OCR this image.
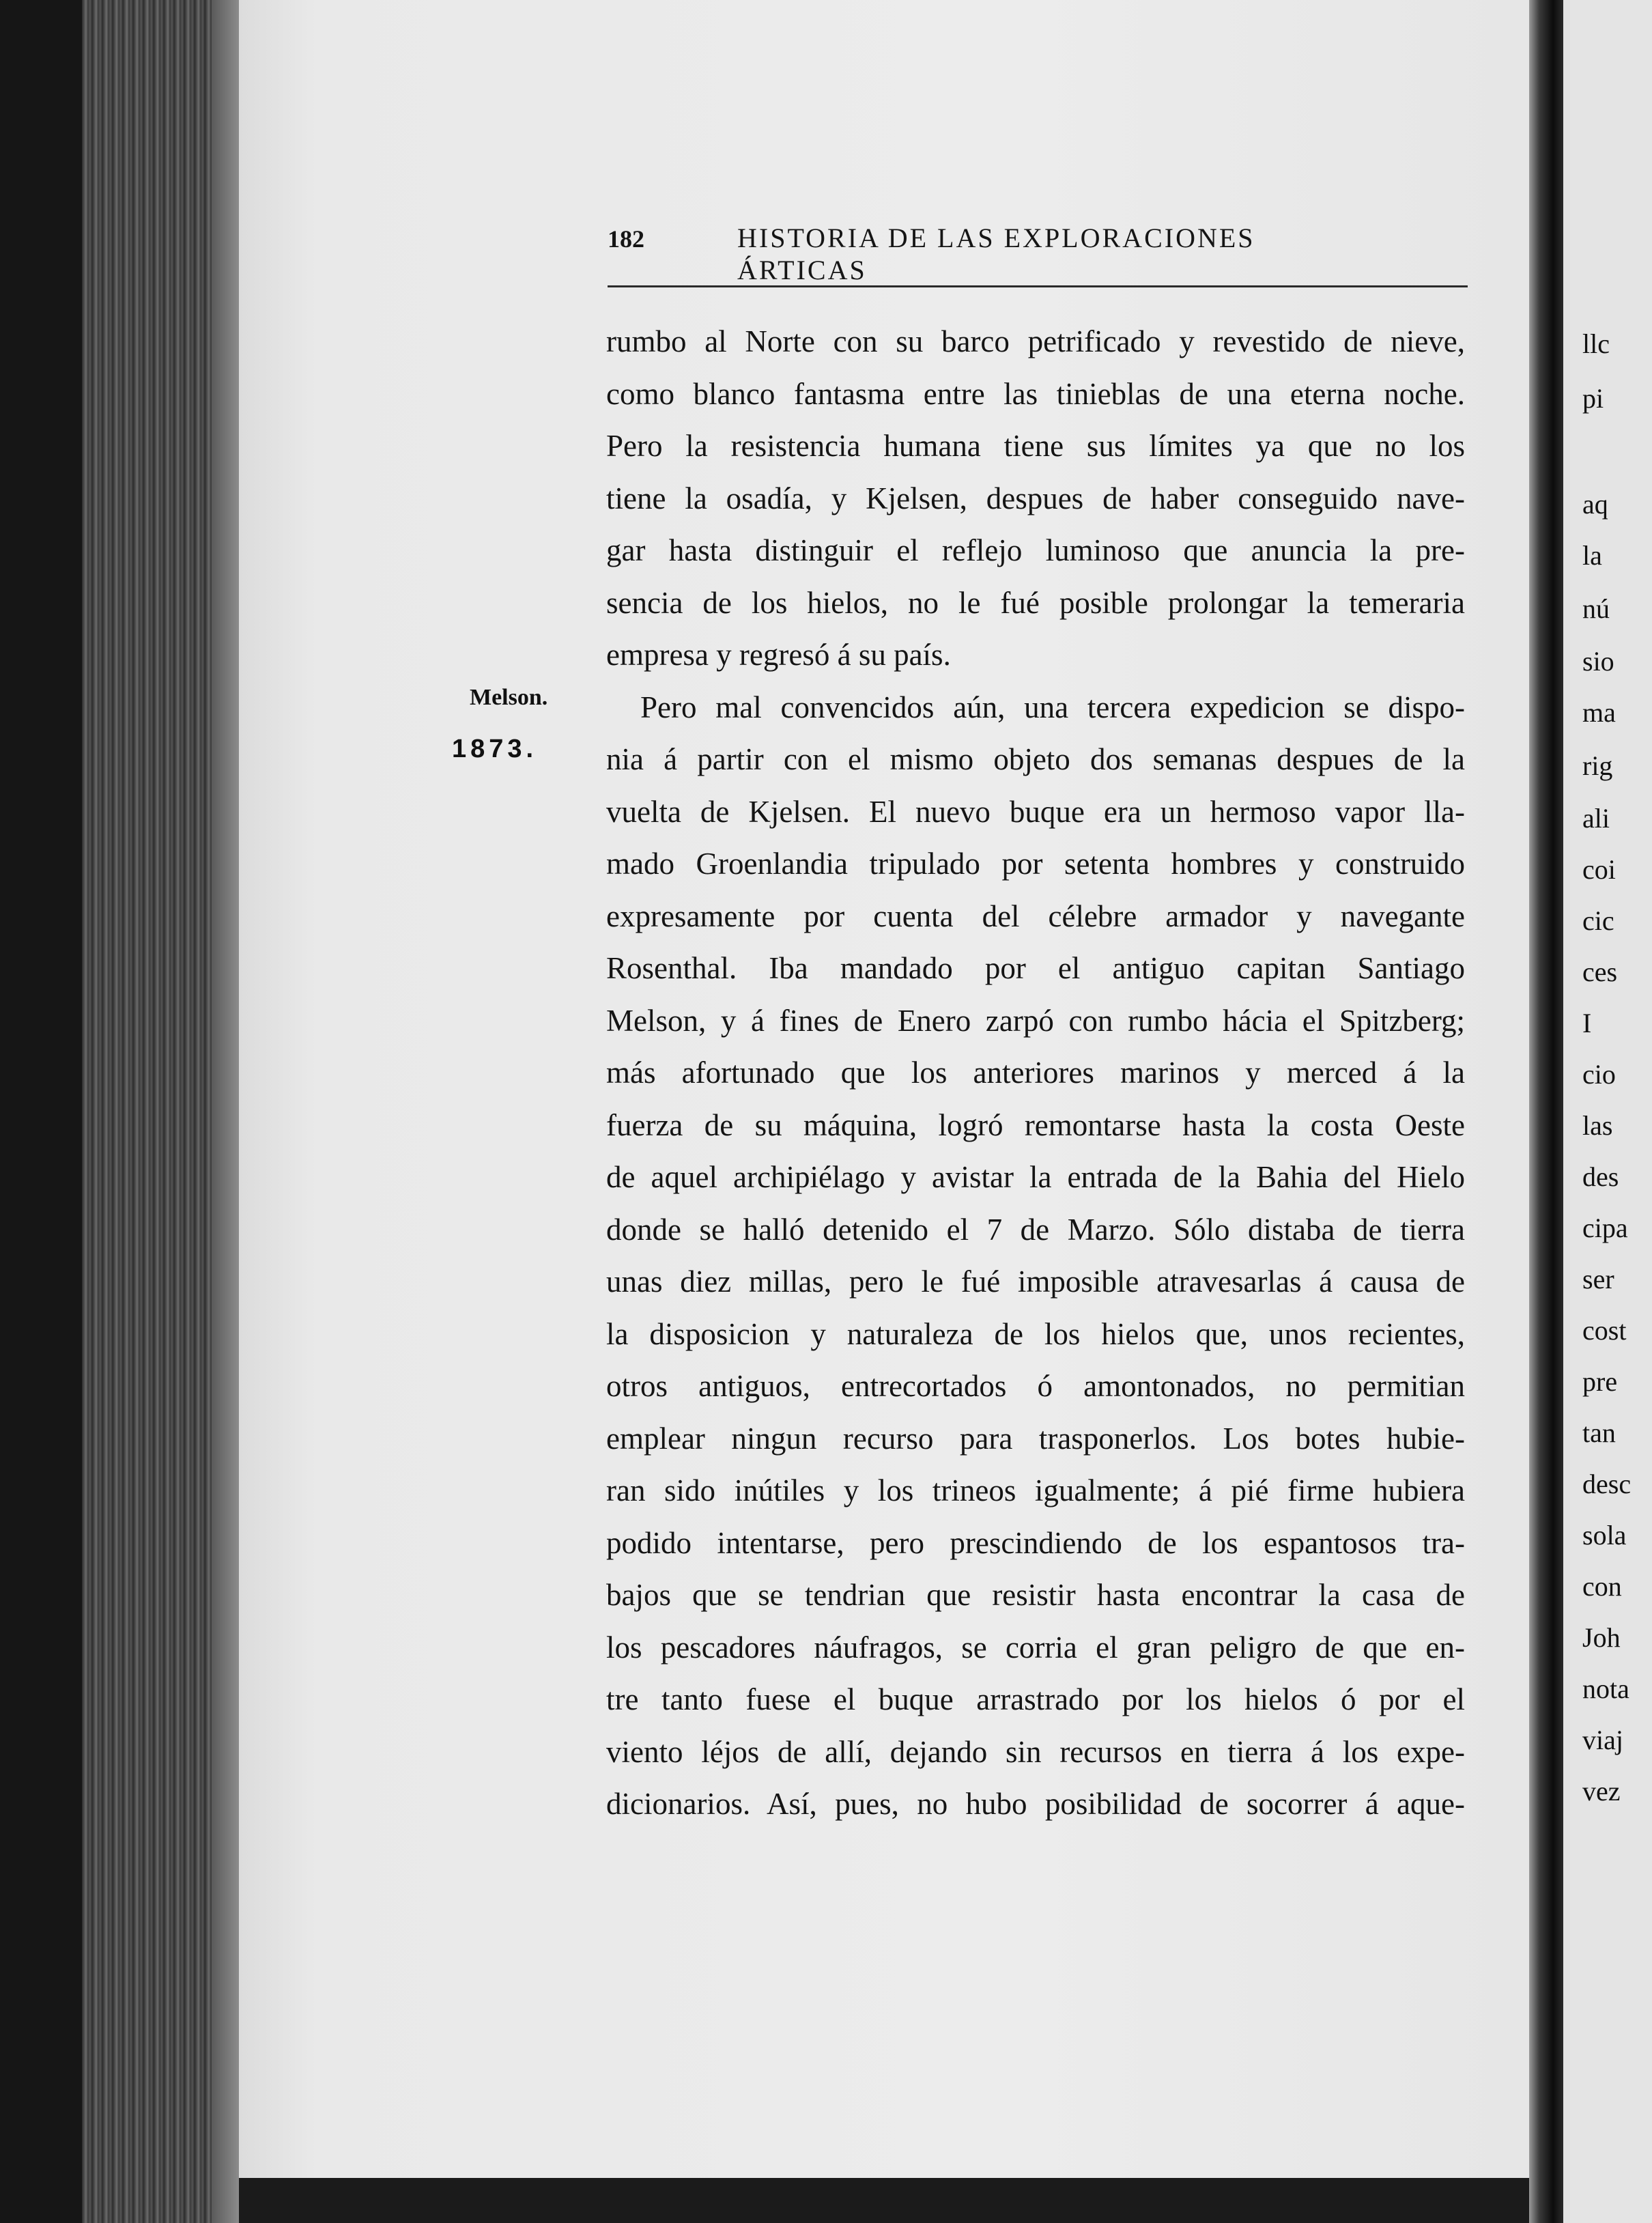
182	HISTORIA DE LAS EXPLORACIONES ÁRTICAS
Melson.
1873.
rumbo al Norte con su barco petrificado y revestido de nieve,
como blanco fantasma entre las tinieblas de una eterna noche.
Pero la resistencia humana tiene sus límites ya que no los
tiene la osadía, y Kjelsen, despues de haber conseguido nave-
gar hasta distinguir el reflejo luminoso que anuncia la pre-
sencia de los hielos, no le fué posible prolongar la temeraria
empresa y regresó á su país.
Pero mal convencidos aún, una tercera expedicion se dispo-
nia á partir con el mismo objeto dos semanas despues de la
vuelta de Kjelsen. El nuevo buque era un hermoso vapor lla-
mado Groenlandia tripulado por setenta hombres y construido
expresamente por cuenta del célebre armador y navegante
Rosenthal. Iba mandado por el antiguo capitan Santiago
Melson, y á fines de Enero zarpó con rumbo hácia el Spitzberg;
más afortunado que los anteriores marinos y merced á la
fuerza de su máquina, logró remontarse hasta la costa Oeste
de aquel archipiélago y avistar la entrada de la Bahia del Hielo
donde se halló detenido el 7 de Marzo. Sólo distaba de tierra
unas diez millas, pero le fué imposible atravesarlas á causa de
la disposicion y naturaleza de los hielos que, unos recientes,
otros antiguos, entrecortados ó amontonados, no permitian
emplear ningun recurso para trasponerlos. Los botes hubie-
ran sido inútiles y los trineos igualmente; á pié firme hubiera
podido intentarse, pero prescindiendo de los espantosos tra-
bajos que se tendrian que resistir hasta encontrar la casa de
los pescadores náufragos, se corria el gran peligro de que en-
tre tanto fuese el buque arrastrado por los hielos ó por el
viento léjos de allí, dejando sin recursos en tierra á los expe-
dicionarios. Así, pues, no hubo posibilidad de socorrer á aque-
llc
pi
aq
la
nú
sio
ma
rig
ali
coi
cic
ces
I
cio
las
des
cipa
ser
cost
pre
tan
desc
sola
con
Joh
nota
viaj
vez
